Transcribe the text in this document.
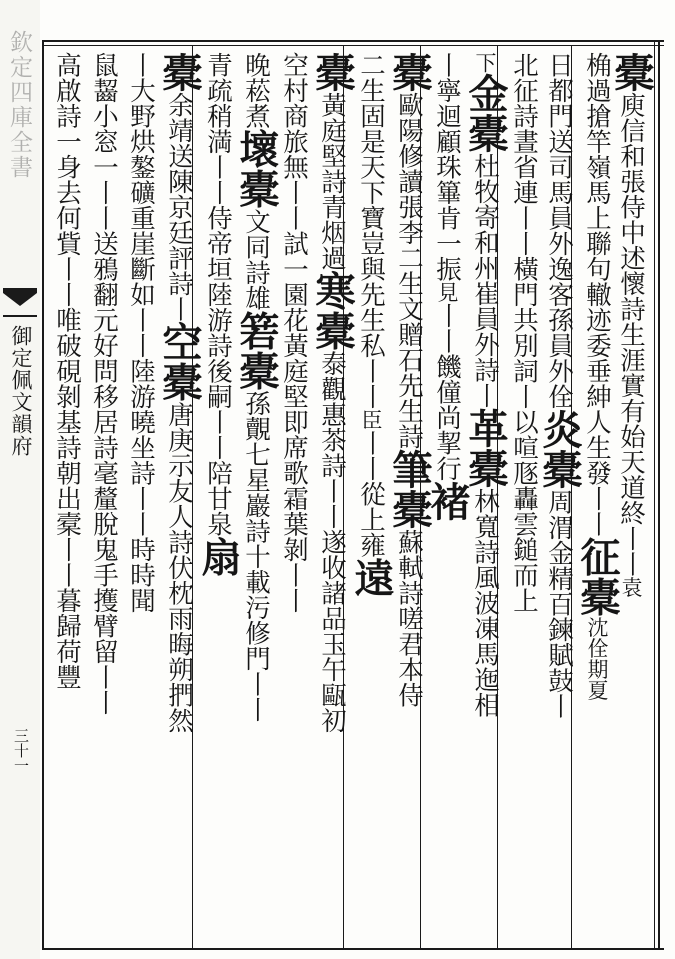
欽定四庫全書
御定佩文韻府
三十一
橐庾信和張侍中述懷詩生涯實有始天道終丨丨袁
桷過搶竿嶺馬上聯句轍迹委垂紳人生發丨丨征橐沈佺期夏
日都門送司馬員外逸客孫員外佺炎橐周渭金精百鍊賦鼓丨
北征詩晝省連丨丨橫門共別詞丨以喧豗轟雲鎚而上
下金橐杜牧寄和州崔員外詩丨革橐林寬詩風波凍馬迤相
丨寧迴顧珠篳肯一振見丨丨饑僮尚挈行褚
橐歐陽修讀張李二生文贈石先生詩筆橐蘇軾詩嗟君本侍
二生固是天下寶豈與先生私丨丨臣丨丨從上雍遠
橐黃庭堅詩青烟過寒橐泰觀惠茶詩丨丨遂收諸品玉午甌初
空村商旅無丨丨試一園花黃庭堅即席歌霜葉剝丨丨
晚菘煮壞橐文同詩雄箬橐孫覿七星巖詩十載污修門丨丨
青疏稍満丨丨侍帝垣陸游詩後嗣丨丨陪甘泉扇
橐余靖送陳京廷評詩丨空橐唐庚示友人詩伏枕雨晦朔捫然
丨大野烘鏊礦重崖斷如丨丨陸游曉坐詩丨丨時時聞
鼠齧小窓一丨丨送鴉翻元好問移居詩毫釐脫鬼手擭臂留丨丨
高啟詩一身去何貲丨丨唯破硯剝基詩朝出槖丨丨暮歸荷豐
